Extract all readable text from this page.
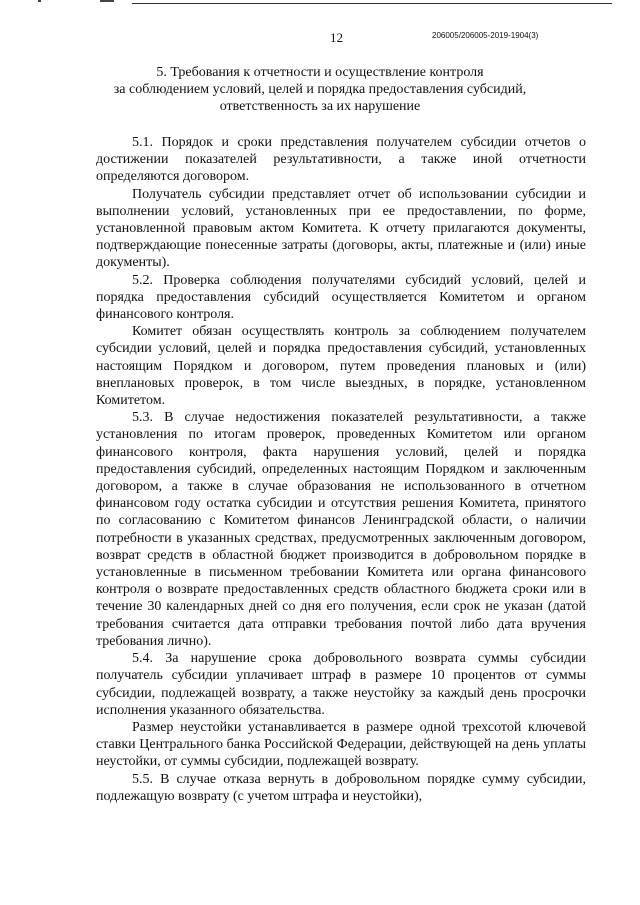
12	206005/206005-2019-1904(3)
5. Требования к отчетности и осуществление контроля
за соблюдением условий, целей и порядка предоставления субсидий,
ответственность за их нарушение

5.1. Порядок и сроки представления получателем субсидии отчетов о достижении показателей результативности, а также иной отчетности определяются договором.

Получатель субсидии представляет отчет об использовании субсидии и выполнении условий, установленных при ее предоставлении, по форме, установленной правовым актом Комитета. К отчету прилагаются документы, подтверждающие понесенные затраты (договоры, акты, платежные и (или) иные документы).

5.2. Проверка соблюдения получателями субсидий условий, целей и порядка предоставления субсидий осуществляется Комитетом и органом финансового контроля.

Комитет обязан осуществлять контроль за соблюдением получателем субсидии условий, целей и порядка предоставления субсидий, установленных настоящим Порядком и договором, путем проведения плановых и (или) внеплановых проверок, в том числе выездных, в порядке, установленном Комитетом.

5.3. В случае недостижения показателей результативности, а также установления по итогам проверок, проведенных Комитетом или органом финансового контроля, факта нарушения условий, целей и порядка предоставления субсидий, определенных настоящим Порядком и заключенным договором, а также в случае образования не использованного в отчетном финансовом году остатка субсидии и отсутствия решения Комитета, принятого по согласованию с Комитетом финансов Ленинградской области, о наличии потребности в указанных средствах, предусмотренных заключенным договором, возврат средств в областной бюджет производится в добровольном порядке в установленные в письменном требовании Комитета или органа финансового контроля о возврате предоставленных средств областного бюджета сроки или в течение 30 календарных дней со дня его получения, если срок не указан (датой требования считается дата отправки требования почтой либо дата вручения требования лично).

5.4. За нарушение срока добровольного возврата суммы субсидии получатель субсидии уплачивает штраф в размере 10 процентов от суммы субсидии, подлежащей возврату, а также неустойку за каждый день просрочки исполнения указанного обязательства.

Размер неустойки устанавливается в размере одной трехсотой ключевой ставки Центрального банка Российской Федерации, действующей на день уплаты неустойки, от суммы субсидии, подлежащей возврату.

5.5. В случае отказа вернуть в добровольном порядке сумму субсидии, подлежащую возврату (с учетом штрафа и неустойки),
